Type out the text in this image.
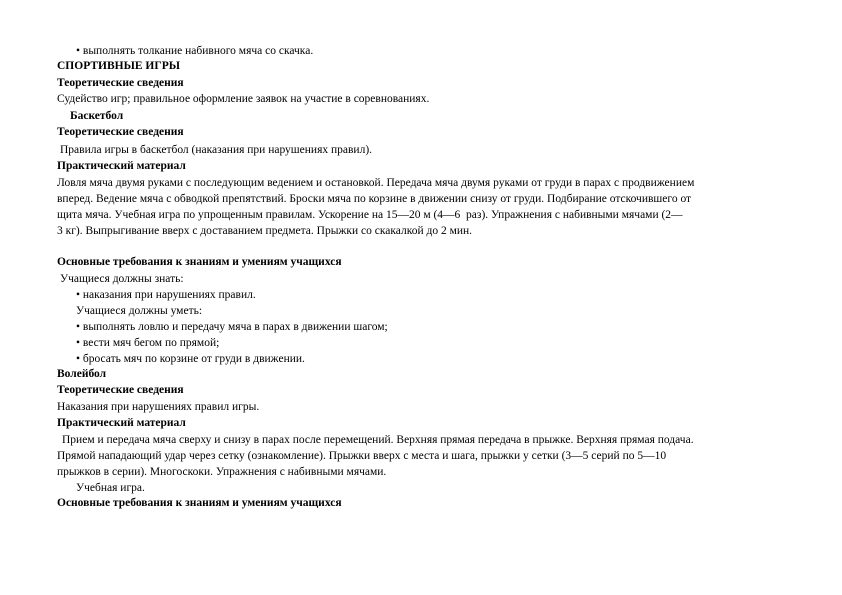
• выполнять толкание набивного мяча со скачка.
СПОРТИВНЫЕ ИГРЫ
Теоретические сведения
Судейство игр; правильное оформление заявок на участие в соревнованиях.
Баскетбол
Теоретические сведения
Правила игры в баскетбол (наказания при нарушениях правил).
Практический материал
Ловля мяча двумя руками с последующим ведением и остановкой. Передача мяча двумя руками от груди в парах с продвижением
вперед. Ведение мяча с обводкой препятствий. Броски мяча по корзине в движении снизу от груди. Подбирание отскочившего от
щита мяча. Учебная игра по упрощенным правилам. Ускорение на 15—20 м (4—6  раз). Упражнения с набивными мячами (2—
3 кг). Выпрыгивание вверх с доставанием предмета. Прыжки со скакалкой до 2 мин.
Основные требования к знаниям и умениям учащихся
Учащиеся должны знать:
• наказания при нарушениях правил.
Учащиеся должны уметь:
• выполнять ловлю и передачу мяча в парах в движении шагом;
• вести мяч бегом по прямой;
• бросать мяч по корзине от груди в движении.
Волейбол
Теоретические сведения
Наказания при нарушениях правил игры.
Практический материал
Прием и передача мяча сверху и снизу в парах после перемещений. Верхняя прямая передача в прыжке. Верхняя прямая подача.
Прямой нападающий удар через сетку (ознакомление). Прыжки вверх с места и шага, прыжки у сетки (3—5 серий по 5—10
прыжков в серии). Многоскоки. Упражнения с набивными мячами.
Учебная игра.
Основные требования к знаниям и умениям учащихся
